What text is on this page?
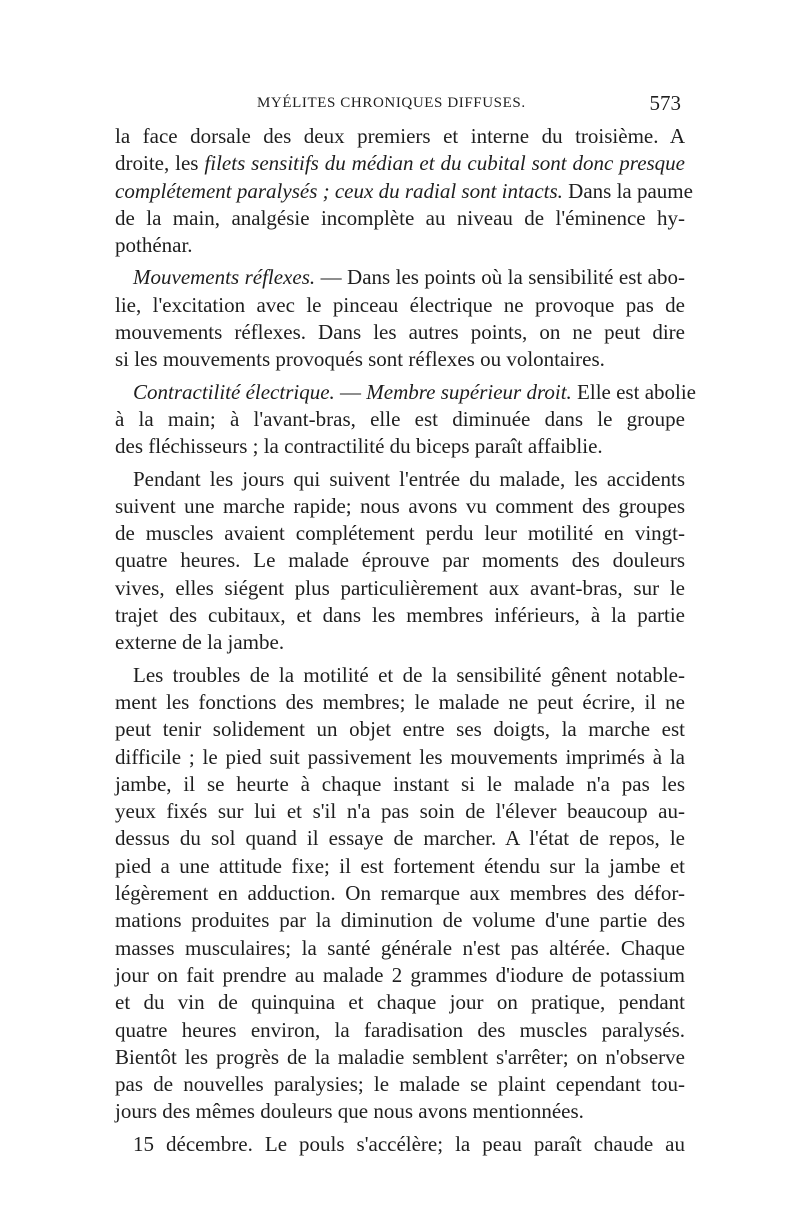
MYÉLITES CHRONIQUES DIFFUSES.	573
la face dorsale des deux premiers et interne du troisième. A
droite, les filets sensitifs du médian et du cubital sont donc presque
complétement paralysés ; ceux du radial sont intacts. Dans la paume
de la main, analgésie incomplète au niveau de l'éminence hy-
pothénar.
Mouvements réflexes. — Dans les points où la sensibilité est abo-
lie, l'excitation avec le pinceau électrique ne provoque pas de
mouvements réflexes. Dans les autres points, on ne peut dire
si les mouvements provoqués sont réflexes ou volontaires.
Contractilité électrique. — Membre supérieur droit. Elle est abolie
à la main; à l'avant-bras, elle est diminuée dans le groupe
des fléchisseurs ; la contractilité du biceps paraît affaiblie.
Pendant les jours qui suivent l'entrée du malade, les accidents
suivent une marche rapide; nous avons vu comment des groupes
de muscles avaient complétement perdu leur motilité en vingt-
quatre heures. Le malade éprouve par moments des douleurs
vives, elles siégent plus particulièrement aux avant-bras, sur le
trajet des cubitaux, et dans les membres inférieurs, à la partie
externe de la jambe.
Les troubles de la motilité et de la sensibilité gênent notable-
ment les fonctions des membres; le malade ne peut écrire, il ne
peut tenir solidement un objet entre ses doigts, la marche est
difficile ; le pied suit passivement les mouvements imprimés à la
jambe, il se heurte à chaque instant si le malade n'a pas les
yeux fixés sur lui et s'il n'a pas soin de l'élever beaucoup au-
dessus du sol quand il essaye de marcher. A l'état de repos, le
pied a une attitude fixe; il est fortement étendu sur la jambe et
légèrement en adduction. On remarque aux membres des défor-
mations produites par la diminution de volume d'une partie des
masses musculaires; la santé générale n'est pas altérée. Chaque
jour on fait prendre au malade 2 grammes d'iodure de potassium
et du vin de quinquina et chaque jour on pratique, pendant
quatre heures environ, la faradisation des muscles paralysés.
Bientôt les progrès de la maladie semblent s'arrêter; on n'observe
pas de nouvelles paralysies; le malade se plaint cependant tou-
jours des mêmes douleurs que nous avons mentionnées.
15 décembre. Le pouls s'accélère; la peau paraît chaude au
